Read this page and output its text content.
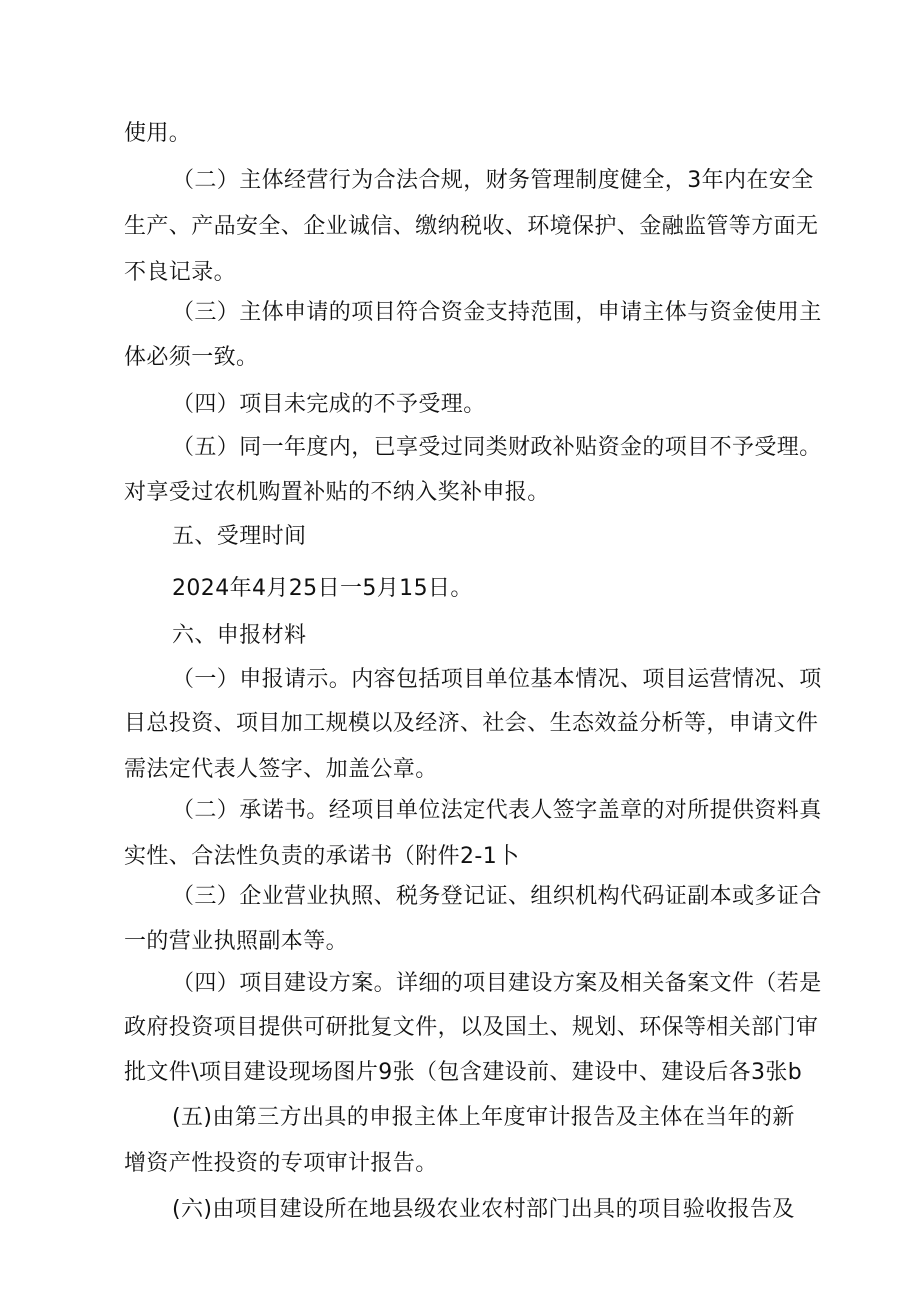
使用。
（二）主体经营行为合法合规，财务管理制度健全，3年内在安全
生产、产品安全、企业诚信、缴纳税收、环境保护、金融监管等方面无
不良记录。
（三）主体申请的项目符合资金支持范围，申请主体与资金使用主
体必须一致。
（四）项目未完成的不予受理。
（五）同一年度内，已享受过同类财政补贴资金的项目不予受理。
对享受过农机购置补贴的不纳入奖补申报。
五、受理时间
2024年4月25日一5月15日。
六、申报材料
（一）申报请示。内容包括项目单位基本情况、项目运营情况、项
目总投资、项目加工规模以及经济、社会、生态效益分析等，申请文件
需法定代表人签字、加盖公章。
（二）承诺书。经项目单位法定代表人签字盖章的对所提供资料真
实性、合法性负责的承诺书（附件2-1卜
（三）企业营业执照、税务登记证、组织机构代码证副本或多证合
一的营业执照副本等。
（四）项目建设方案。详细的项目建设方案及相关备案文件（若是
政府投资项目提供可研批复文件，以及国土、规划、环保等相关部门审
批文件\项目建设现场图片9张（包含建设前、建设中、建设后各3张b
(五)由第三方出具的申报主体上年度审计报告及主体在当年的新
增资产性投资的专项审计报告。
(六)由项目建设所在地县级农业农村部门出具的项目验收报告及
